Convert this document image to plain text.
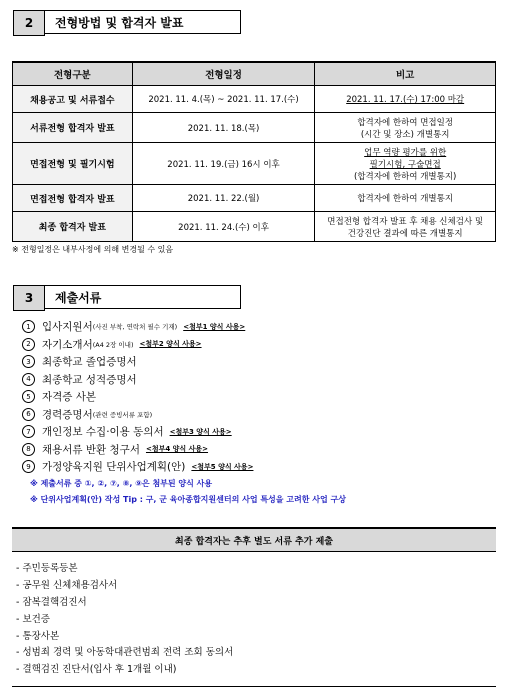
2	전형방법 및 합격자 발표
전형구분	전형일정	비고
채용공고 및 서류접수	2021. 11. 4.(목) ~ 2021. 11. 17.(수)	2021. 11. 17.(수) 17:00 마감

서류전형 합격자 발표	2021. 11. 18.(목)	합격자에 한하여 면접일정
(시간 및 장소) 개별통지

면접전형 및 필기시험	2021. 11. 19.(금) 16시 이후	업무 역량 평가를 위한
필기시험, 구술면접
(합격자에 한하여 개별통지)

면접전형 합격자 발표	2021. 11. 22.(월)	합격자에 한하여 개별통지
최종 합격자 발표	2021. 11. 24.(수) 이후	면접전형 합격자 발표 후 채용 신체검사 및
건강진단 결과에 따른 개별통지
※ 전형일정은 내부사정에 의해 변경될 수 있음
3	제출서류
1	입사지원서 (사진 부착, 연락처 필수 기재) <첨부1 양식 사용>
2	자기소개서 (A4 2장 이내) <첨부2 양식 사용>
3	최종학교 졸업증명서
4	최종학교 성적증명서
5	자격증 사본
6	경력증명서 (관련 증빙서류 포함)
7	개인정보 수집·이용 동의서 <첨부3 양식 사용>
8	채용서류 반환 청구서 <첨부4 양식 사용>
9	가정양육지원 단위사업계획(안) <첨부5 양식 사용>
※ 제출서류 중 ①, ②, ⑦, ⑧, ⑨은 첨부된 양식 사용
※ 단위사업계획(안) 작성 Tip : 구, 군 육아종합지원센터의 사업 특성을 고려한 사업 구상
최종 합격자는 추후 별도 서류 추가 제출
- 주민등록등본
- 공무원 신체채용검사서
- 잠복결핵검진서
- 보건증
- 통장사본
- 성범죄 경력 및 아동학대관련범죄 전력 조회 동의서
- 결핵검진 진단서(입사 후 1개월 이내)
